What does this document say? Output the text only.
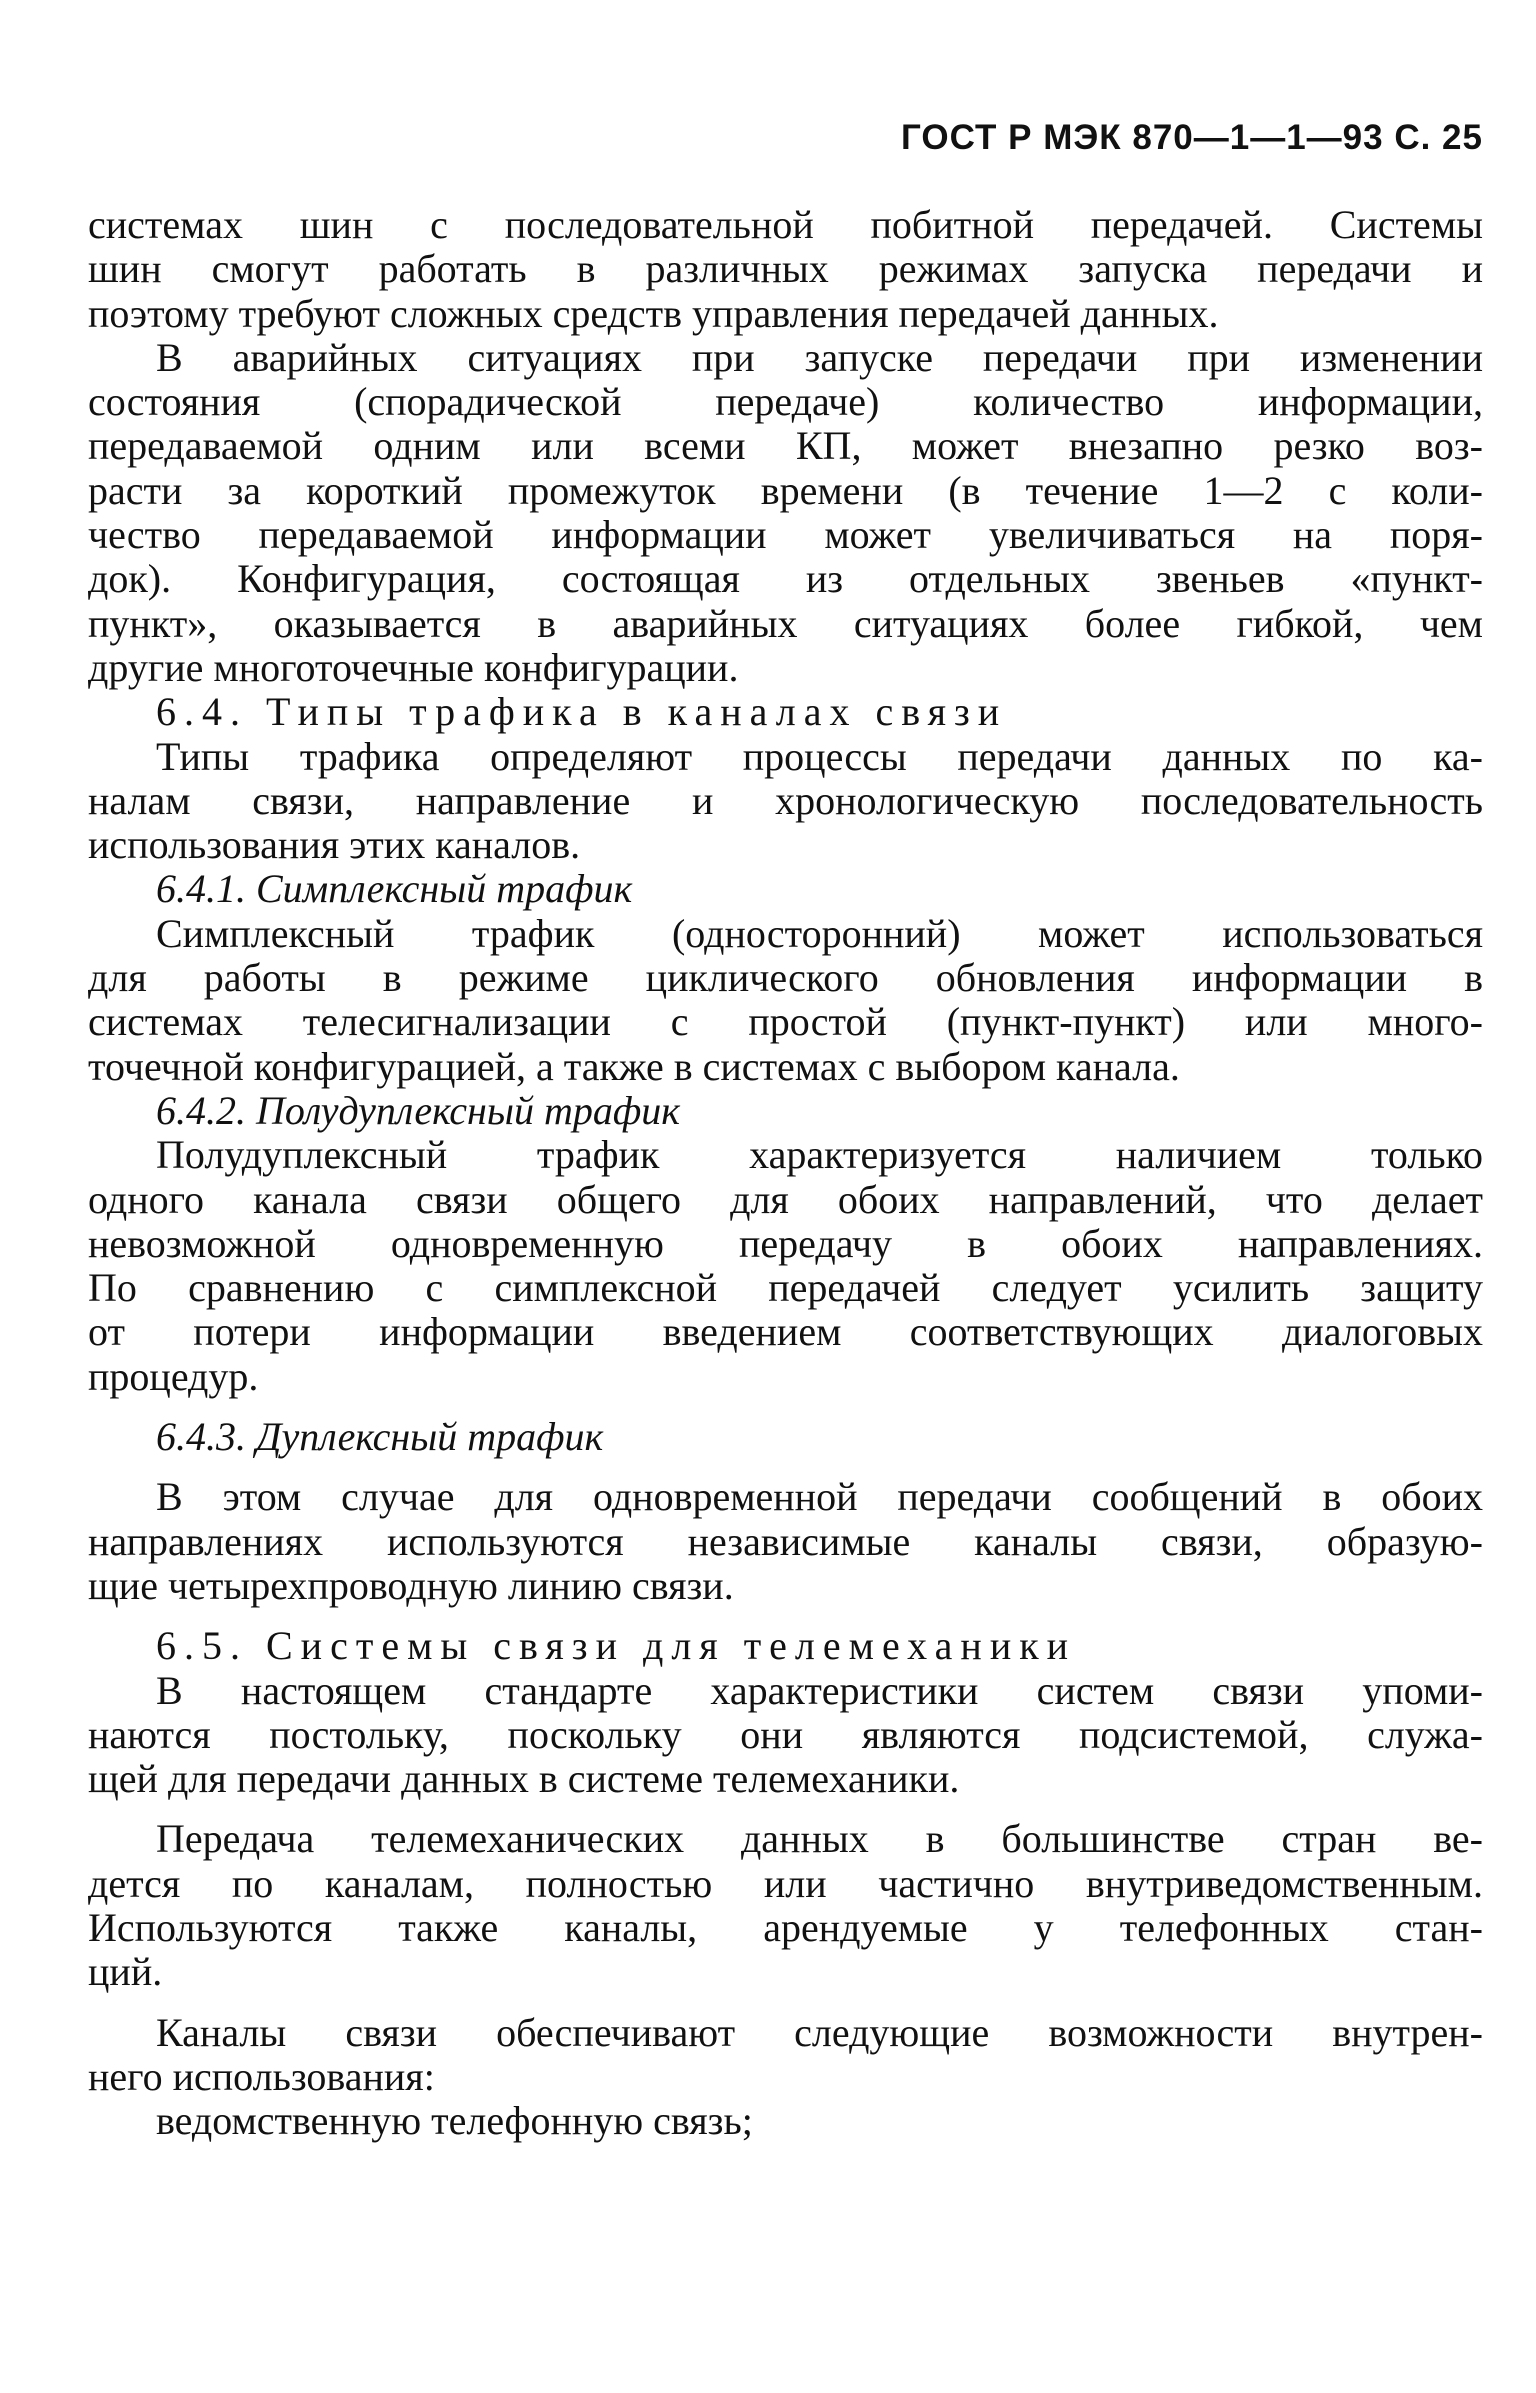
ГОСТ Р МЭК 870—1—1—93 С. 25
системах шин с последовательной побитной передачей. Системы
шин смогут работать в различных режимах запуска передачи и
поэтому требуют сложных средств управления передачей данных.
В аварийных ситуациях при запуске передачи при изменении
состояния (спорадической передаче) количество информации,
передаваемой одним или всеми КП, может внезапно резко воз-
расти за короткий промежуток времени (в течение 1—2 с коли-
чество передаваемой информации может увеличиваться на поря-
док). Конфигурация, состоящая из отдельных звеньев «пункт-
пункт», оказывается в аварийных ситуациях более гибкой, чем
другие многоточечные конфигурации.
6.4. Типы трафика в каналах связи
Типы трафика определяют процессы передачи данных по ка-
налам связи, направление и хронологическую последовательность
использования этих каналов.
6.4.1. Симплексный трафик
Симплексный трафик (односторонний) может использоваться
для работы в режиме циклического обновления информации в
системах телесигнализации с простой (пункт-пункт) или много-
точечной конфигурацией, а также в системах с выбором канала.
6.4.2. Полудуплексный трафик
Полудуплексный трафик характеризуется наличием только
одного канала связи общего для обоих направлений, что делает
невозможной одновременную передачу в обоих направлениях.
По сравнению с симплексной передачей следует усилить защиту
от потери информации введением соответствующих диалоговых
процедур.
6.4.3. Дуплексный трафик
В этом случае для одновременной передачи сообщений в обоих
направлениях используются независимые каналы связи, образую-
щие четырехпроводную линию связи.
6.5. Системы связи для телемеханики
В настоящем стандарте характеристики систем связи упоми-
наются постольку, поскольку они являются подсистемой, служа-
щей для передачи данных в системе телемеханики.
Передача телемеханических данных в большинстве стран ве-
дется по каналам, полностью или частично внутриведомственным.
Используются также каналы, арендуемые у телефонных стан-
ций.
Каналы связи обеспечивают следующие возможности внутрен-
него использования:
ведомственную телефонную связь;
